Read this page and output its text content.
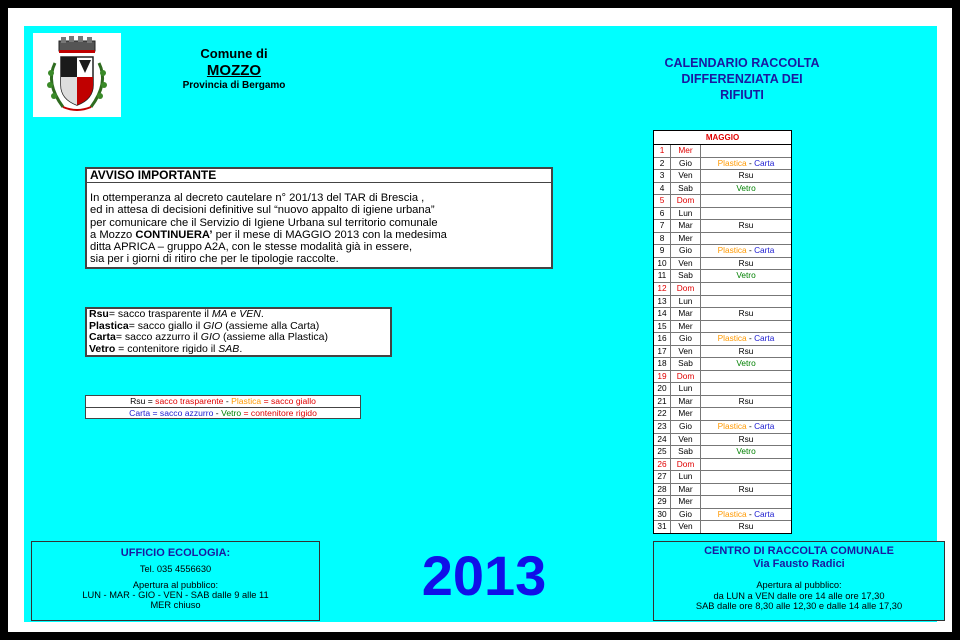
Comune di
MOZZO
Provincia di Bergamo
CALENDARIO RACCOLTA
DIFFERENZIATA DEI
RIFIUTI
AVVISO IMPORTANTE
In ottemperanza al decreto cautelare n° 201/13 del TAR di Brescia ,
ed in attesa di decisioni definitive sul “nuovo appalto di igiene urbana”
per comunicare che il Servizio di Igiene Urbana sul territorio comunale
a Mozzo CONTINUERA’ per il mese di MAGGIO 2013 con la medesima
ditta APRICA – gruppo A2A, con le stesse modalità già in essere,
sia per i giorni di ritiro che per le tipologie raccolte.
Rsu= sacco trasparente il MA e VEN.
Plastica= sacco giallo il GIO (assieme alla Carta)
Carta= sacco azzurro il GIO (assieme alla Plastica)
Vetro = contenitore rigido il SAB.
Rsu = sacco trasparente - Plastica = sacco giallo
Carta = sacco azzurro - Vetro = contenitore rigido
MAGGIO
1	Mer
2	Gio	Plastica - Carta
3	Ven	Rsu
4	Sab	Vetro
5	Dom
6	Lun
7	Mar	Rsu
8	Mer
9	Gio	Plastica - Carta
10	Ven	Rsu
11	Sab	Vetro
12	Dom
13	Lun
14	Mar	Rsu
15	Mer
16	Gio	Plastica - Carta
17	Ven	Rsu
18	Sab	Vetro
19	Dom
20	Lun
21	Mar	Rsu
22	Mer
23	Gio	Plastica - Carta
24	Ven	Rsu
25	Sab	Vetro
26	Dom
27	Lun
28	Mar	Rsu
29	Mer
30	Gio	Plastica - Carta
31	Ven	Rsu
UFFICIO ECOLOGIA:
Tel. 035 4556630
Apertura al pubblico:
LUN - MAR - GIO - VEN - SAB dalle 9 alle 11
MER chiuso	2013	CENTRO DI RACCOLTA COMUNALE
Via Fausto Radici
Apertura al pubblico:
da LUN a VEN dalle ore 14 alle ore 17,30
SAB dalle ore 8,30 alle 12,30 e dalle 14 alle 17,30
